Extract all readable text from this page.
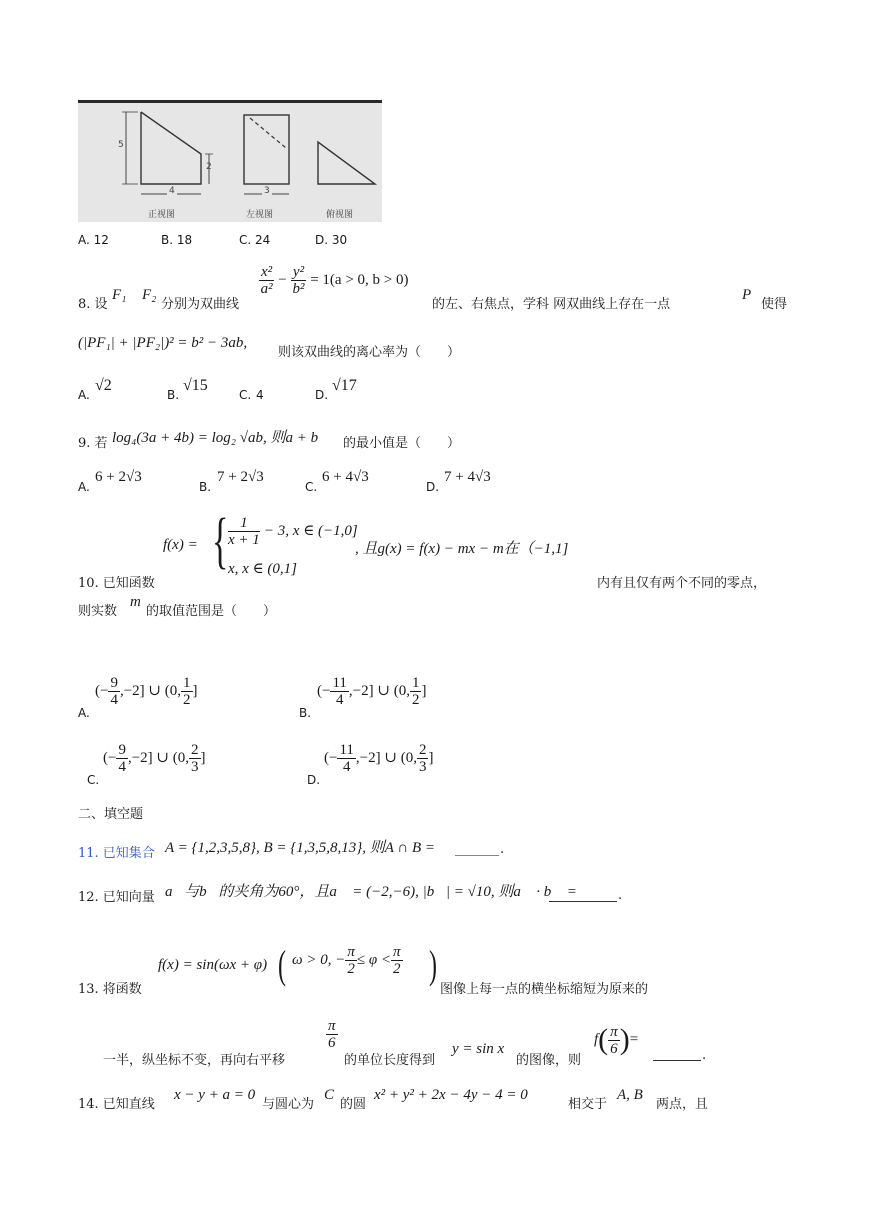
5
2
4	3
正视图	左视图	俯视图
A. 12	B. 18	C. 24	D. 30
8. 设
F₁ F₂
分别为双曲线
$\frac{\text{x²}}{\text{a²}} - \frac{\text{y²}}{\text{b²}} = 1(a > 0$, b > 0)
的左、右焦点，学科 网双曲线上存在一点
P
使得
(|PF₁| + |PF₂|)² = b² − 3ab,
则该双曲线的离心率为（　　）
A.
√2
B.
√15
C. 4	D.
√17
9. 若 log₄(3a + 4b) = log₂ √ab, 则a + b 的最小值是（　　）
A.
6 + 2√3
B.
7 + 2√3
C.
6 + 4√3
D.
7 + 4√3
f(x) = { $\frac{1}{x + 1} - 3$, x ∈ (−1,0]
x, x ∈ (0,1]
, 且g(x) = f(x) − mx − m在（−1,1]
10. 已知函数	内有且仅有两个不同的零点，
则实数
m
的取值范围是（　　）
A.
(− $\frac{9}{4} ,-2$] ∪ (0, $\frac{1}{2}$ ]
B.
(− $\frac{11}{4} ,-2$] ∪ (0, $\frac{1}{2}$ ]
C.
(− $\frac{9}{4} ,-2$] ∪ (0, $\frac{2}{3}$ ]
D.
(− $\frac{11}{4} ,-2$] ∪ (0, $\frac{2}{3}$ ]
二、填空题
11. 已知集合 A = {1,2,3,5,8}, B = {1,3,5,8,13}, 则A ∩ B =	.
12. 已知向量 a⃗与b⃗的夹角为60°，且a⃗ = (−2,−6), |b⃗| = √10, 则a⃗ · b⃗ =	.
f(x) = sin(ωx + φ) ( ω > 0, − $\frac{\pi}{2} \le \varphi < \frac{\pi}{2}$ )
13. 将函数	图像上每一点的横坐标缩短为原来的
一半，纵坐标不变，再向右平移
$\frac{\pi}{6}$
的单位长度得到
y = sin x
的图像，则
$f( \frac{\pi}{6}$ )=
.
14. 已知直线
x − y + a = 0
与圆心为
C
的圆
x² + y² + 2x − 4y − 4 = 0
相交于
A, B
两点，且
